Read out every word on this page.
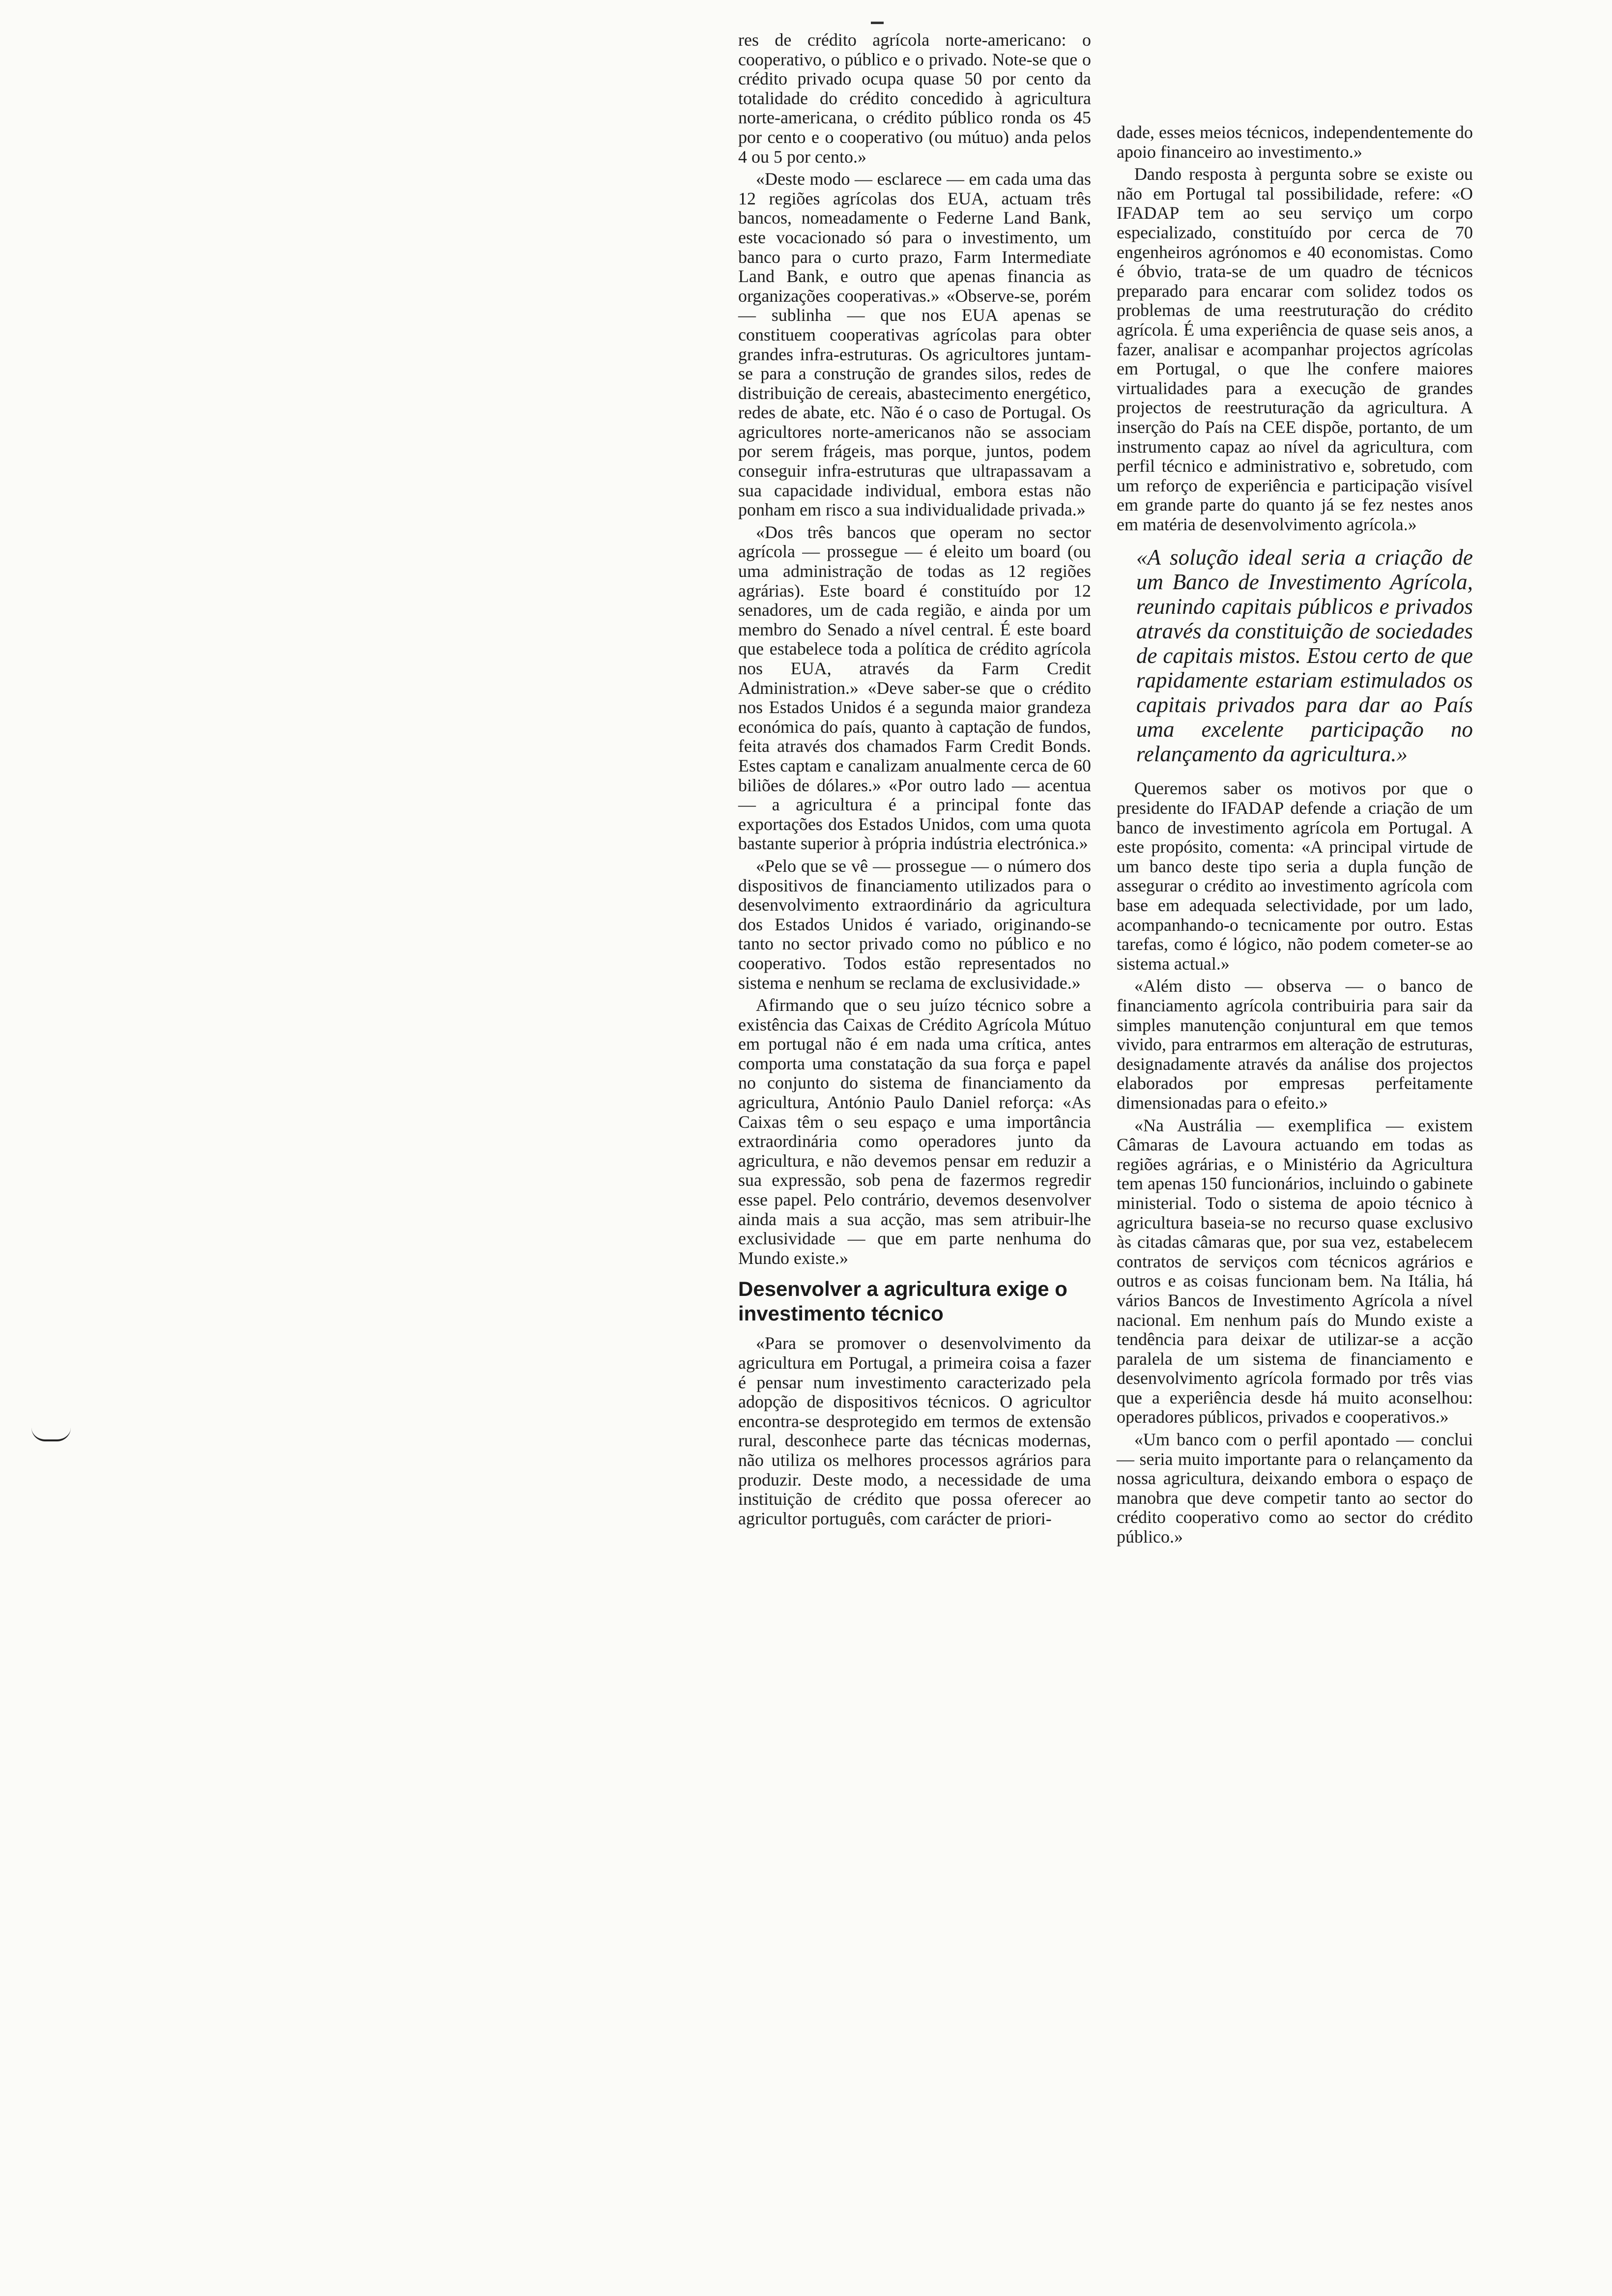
res de crédito agrícola norte-americano: o cooperativo, o público e o privado. Note-se que o crédito privado ocupa quase 50 por cento da totalidade do crédito concedido à agricultura norte-americana, o crédito público ronda os 45 por cento e o cooperativo (ou mútuo) anda pelos 4 ou 5 por cento.»

«Deste modo — esclarece — em cada uma das 12 regiões agrícolas dos EUA, actuam três bancos, nomeadamente o Federne Land Bank, este vocacionado só para o investimento, um banco para o curto prazo, Farm Intermediate Land Bank, e outro que apenas financia as organizações cooperativas.» «Observe-se, porém — sublinha — que nos EUA apenas se constituem cooperativas agrícolas para obter grandes infra-estruturas. Os agricultores juntam-se para a construção de grandes silos, redes de distribuição de cereais, abastecimento energético, redes de abate, etc. Não é o caso de Portugal. Os agricultores norte-americanos não se associam por serem frágeis, mas porque, juntos, podem conseguir infra-estruturas que ultrapassavam a sua capacidade individual, embora estas não ponham em risco a sua individualidade privada.»

«Dos três bancos que operam no sector agrícola — prossegue — é eleito um board (ou uma administração de todas as 12 regiões agrárias). Este board é constituído por 12 senadores, um de cada região, e ainda por um membro do Senado a nível central. É este board que estabelece toda a política de crédito agrícola nos EUA, através da Farm Credit Administration.» «Deve saber-se que o crédito nos Estados Unidos é a segunda maior grandeza económica do país, quanto à captação de fundos, feita através dos chamados Farm Credit Bonds. Estes captam e canalizam anualmente cerca de 60 biliões de dólares.» «Por outro lado — acentua — a agricultura é a principal fonte das exportações dos Estados Unidos, com uma quota bastante superior à própria indústria electrónica.»

«Pelo que se vê — prossegue — o número dos dispositivos de financiamento utilizados para o desenvolvimento extraordinário da agricultura dos Estados Unidos é variado, originando-se tanto no sector privado como no público e no cooperativo. Todos estão representados no sistema e nenhum se reclama de exclusividade.»

Afirmando que o seu juízo técnico sobre a existência das Caixas de Crédito Agrícola Mútuo em portugal não é em nada uma crítica, antes comporta uma constatação da sua força e papel no conjunto do sistema de financiamento da agricultura, António Paulo Daniel reforça: «As Caixas têm o seu espaço e uma importância extraordinária como operadores junto da agricultura, e não devemos pensar em reduzir a sua expressão, sob pena de fazermos regredir esse papel. Pelo contrário, devemos desenvolver ainda mais a sua acção, mas sem atribuir-lhe exclusividade — que em parte nenhuma do Mundo existe.»

Desenvolver a agricultura exige o investimento técnico

«Para se promover o desenvolvimento da agricultura em Portugal, a primeira coisa a fazer é pensar num investimento caracterizado pela adopção de dispositivos técnicos. O agricultor encontra-se desprotegido em termos de extensão rural, desconhece parte das técnicas modernas, não utiliza os melhores processos agrários para produzir. Deste modo, a necessidade de uma instituição de crédito que possa oferecer ao agricultor português, com carácter de priori-

dade, esses meios técnicos, independentemente do apoio financeiro ao investimento.»

Dando resposta à pergunta sobre se existe ou não em Portugal tal possibilidade, refere: «O IFADAP tem ao seu serviço um corpo especializado, constituído por cerca de 70 engenheiros agrónomos e 40 economistas. Como é óbvio, trata-se de um quadro de técnicos preparado para encarar com solidez todos os problemas de uma reestruturação do crédito agrícola. É uma experiência de quase seis anos, a fazer, analisar e acompanhar projectos agrícolas em Portugal, o que lhe confere maiores virtualidades para a execução de grandes projectos de reestruturação da agricultura. A inserção do País na CEE dispõe, portanto, de um instrumento capaz ao nível da agricultura, com perfil técnico e administrativo e, sobretudo, com um reforço de experiência e participação visível em grande parte do quanto já se fez nestes anos em matéria de desenvolvimento agrícola.»

«A solução ideal seria a criação de um Banco de Investimento Agrícola, reunindo capitais públicos e privados através da constituição de sociedades de capitais mistos. Estou certo de que rapidamente estariam estimulados os capitais privados para dar ao País uma excelente participação no relançamento da agricultura.»

Queremos saber os motivos por que o presidente do IFADAP defende a criação de um banco de investimento agrícola em Portugal. A este propósito, comenta: «A principal virtude de um banco deste tipo seria a dupla função de assegurar o crédito ao investimento agrícola com base em adequada selectividade, por um lado, acompanhando-o tecnicamente por outro. Estas tarefas, como é lógico, não podem cometer-se ao sistema actual.»

«Além disto — observa — o banco de financiamento agrícola contribuiria para sair da simples manutenção conjuntural em que temos vivido, para entrarmos em alteração de estruturas, designadamente através da análise dos projectos elaborados por empresas perfeitamente dimensionadas para o efeito.»

«Na Austrália — exemplifica — existem Câmaras de Lavoura actuando em todas as regiões agrárias, e o Ministério da Agricultura tem apenas 150 funcionários, incluindo o gabinete ministerial. Todo o sistema de apoio técnico à agricultura baseia-se no recurso quase exclusivo às citadas câmaras que, por sua vez, estabelecem contratos de serviços com técnicos agrários e outros e as coisas funcionam bem. Na Itália, há vários Bancos de Investimento Agrícola a nível nacional. Em nenhum país do Mundo existe a tendência para deixar de utilizar-se a acção paralela de um sistema de financiamento e desenvolvimento agrícola formado por três vias que a experiência desde há muito aconselhou: operadores públicos, privados e cooperativos.»

«Um banco com o perfil apontado — conclui — seria muito importante para o relançamento da nossa agricultura, deixando embora o espaço de manobra que deve competir tanto ao sector do crédito cooperativo como ao sector do crédito público.»
